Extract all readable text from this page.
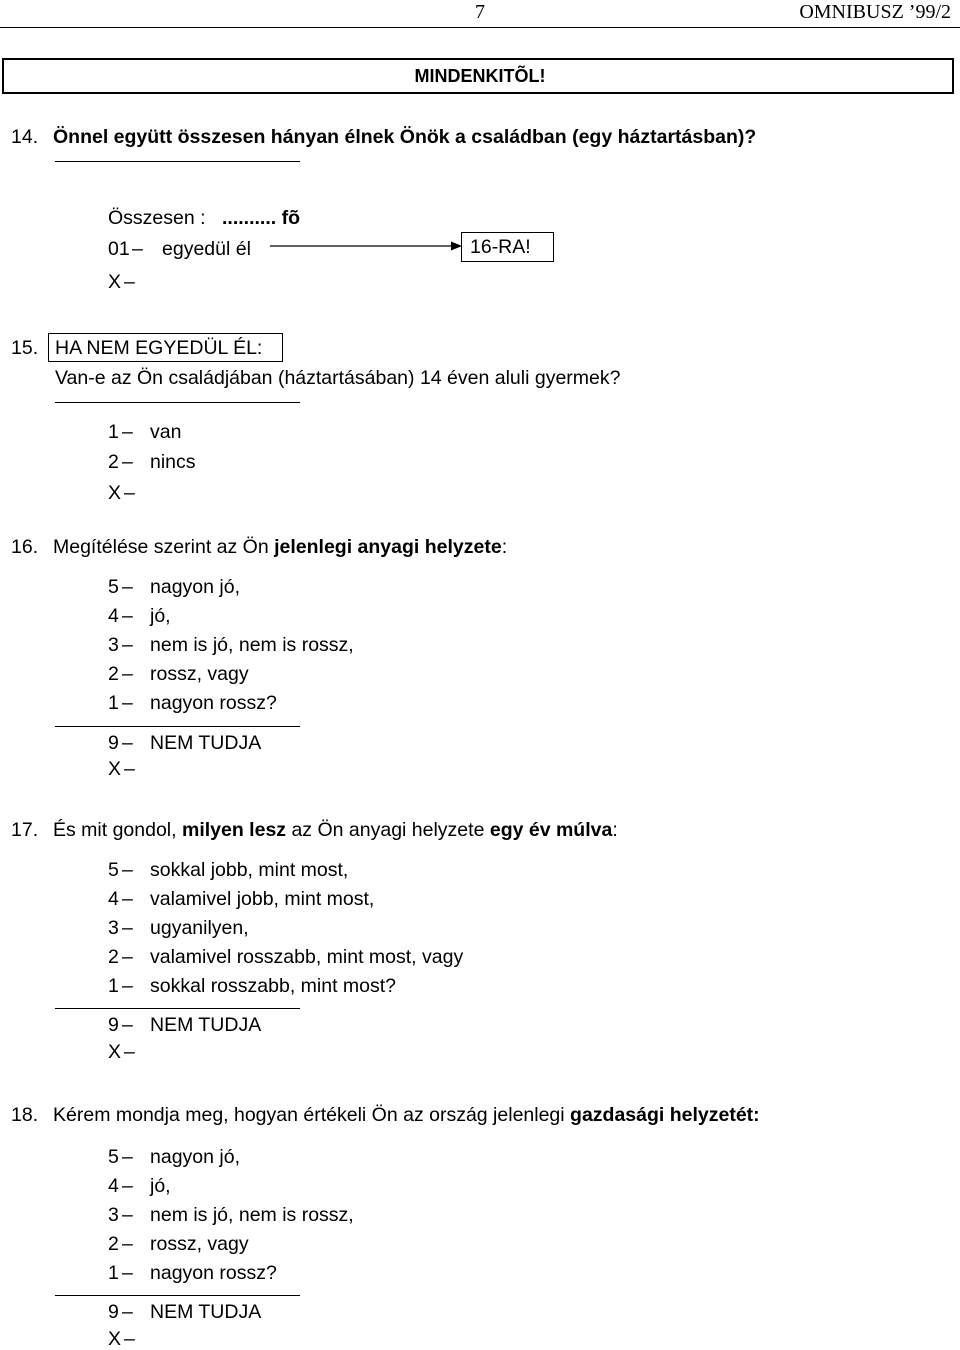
7	OMNIBUSZ ’99/2
MINDENKITÕL!
14. Önnel együtt összesen hányan élnek Önök a családban (egy háztartásban)?
Összesen : .......... fõ
01 – egyedül él	16-RA!
X –
15. HA NEM EGYEDÜL ÉL:
Van-e az Ön családjában (háztartásában) 14 éven aluli gyermek?
1 – van
2 – nincs
X –
16. Megítélése szerint az Ön jelenlegi anyagi helyzete:
5 – nagyon jó,
4 – jó,
3 – nem is jó, nem is rossz,
2 – rossz, vagy
1 – nagyon rossz?
9 – NEM TUDJA
X –
17. És mit gondol, milyen lesz az Ön anyagi helyzete egy év múlva:
5 – sokkal jobb, mint most,
4 – valamivel jobb, mint most,
3 – ugyanilyen,
2 – valamivel rosszabb, mint most, vagy
1 – sokkal rosszabb, mint most?
9 – NEM TUDJA
X –
18. Kérem mondja meg, hogyan értékeli Ön az ország jelenlegi gazdasági helyzetét:
5 – nagyon jó,
4 – jó,
3 – nem is jó, nem is rossz,
2 – rossz, vagy
1 – nagyon rossz?
9 – NEM TUDJA
X –
